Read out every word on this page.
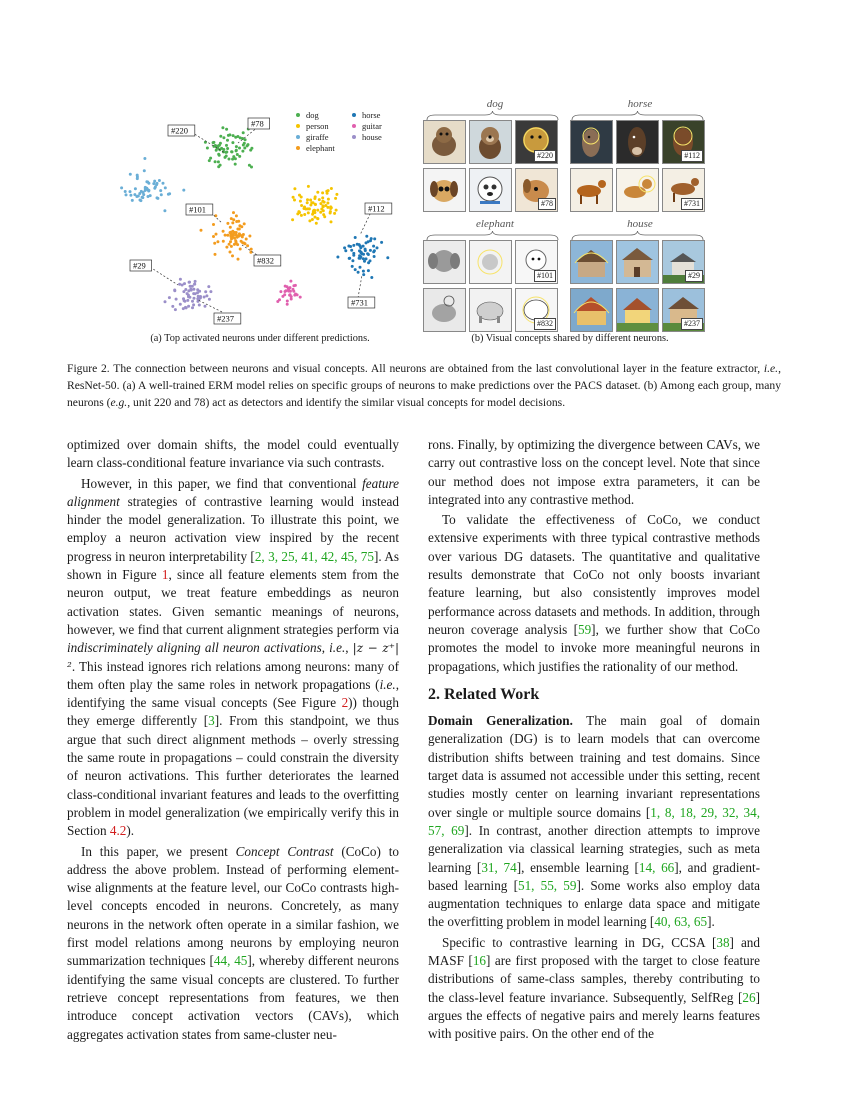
dog
person
giraffe
elephant
horse
guitar
house
#220
#78
#101	#112
#832
#29
#731
#237
(a) Top activated neurons under different predictions.
dog	horse
elephant	house
#220
#78
#112
#731
#101
#832
#29
#237
(b) Visual concepts shared by different neurons.
Figure 2. The connection between neurons and visual concepts. All neurons are obtained from the last convolutional layer in the feature extractor, i.e., ResNet-50. (a) A well-trained ERM model relies on specific groups of neurons to make predictions over the PACS dataset. (b) Among each group, many neurons (e.g., unit 220 and 78) act as detectors and identify the similar visual concepts for model decisions.

optimized over domain shifts, the model could eventually learn class-conditional feature invariance via such contrasts.

However, in this paper, we find that conventional feature alignment strategies of contrastive learning would instead hinder the model generalization. To illustrate this point, we employ a neuron activation view inspired by the recent progress in neuron interpretability [2, 3, 25, 41, 42, 45, 75]. As shown in Figure 1, since all feature elements stem from the neuron output, we treat feature embeddings as neuron activation states. Given semantic meanings of neurons, however, we find that current alignment strategies perform via indiscriminately aligning all neuron activations, i.e., |z − z⁺|². This instead ignores rich relations among neurons: many of them often play the same roles in network propagations (i.e., identifying the same visual concepts (See Figure 2)) though they emerge differently [3]. From this standpoint, we thus argue that such direct alignment methods – overly stressing the same route in propagations – could constrain the diversity of neuron activations. This further deteriorates the learned class-conditional invariant features and leads to the overfitting problem in model generalization (we empirically verify this in Section 4.2).

In this paper, we present Concept Contrast (CoCo) to address the above problem. Instead of performing element-wise alignments at the feature level, our CoCo contrasts high-level concepts encoded in neurons. Concretely, as many neurons in the network often operate in a similar fashion, we first model relations among neurons by employing neuron summarization techniques [44, 45], whereby different neurons identifying the same visual concepts are clustered. To further retrieve concept representations from features, we then introduce concept activation vectors (CAVs), which aggregates activation states from same-cluster neu-

rons. Finally, by optimizing the divergence between CAVs, we carry out contrastive loss on the concept level. Note that since our method does not impose extra parameters, it can be integrated into any contrastive method.

To validate the effectiveness of CoCo, we conduct extensive experiments with three typical contrastive methods over various DG datasets. The quantitative and qualitative results demonstrate that CoCo not only boosts invariant feature learning, but also consistently improves model performance across datasets and methods. In addition, through neuron coverage analysis [59], we further show that CoCo promotes the model to invoke more meaningful neurons in propagations, which justifies the rationality of our method.

2. Related Work

Domain Generalization. The main goal of domain generalization (DG) is to learn models that can overcome distribution shifts between training and test domains. Since target data is assumed not accessible under this setting, recent studies mostly center on learning invariant representations over single or multiple source domains [1, 8, 18, 29, 32, 34, 57, 69]. In contrast, another direction attempts to improve generalization via classical learning strategies, such as meta learning [31, 74], ensemble learning [14, 66], and gradient-based learning [51, 55, 59]. Some works also employ data augmentation techniques to enlarge data space and mitigate the overfitting problem in model learning [40, 63, 65].

Specific to contrastive learning in DG, CCSA [38] and MASF [16] are first proposed with the target to close feature distributions of same-class samples, thereby contributing to the class-level feature invariance. Subsequently, SelfReg [26] argues the effects of negative pairs and merely learns features with positive pairs. On the other end of the
